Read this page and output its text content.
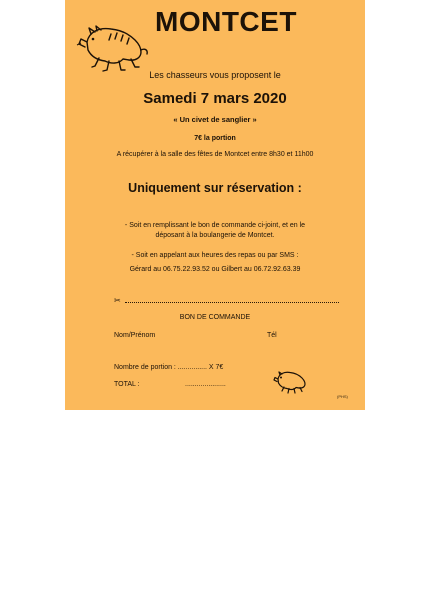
MONTCET
Les chasseurs vous proposent le
Samedi 7 mars 2020
« Un civet de sanglier »
7€ la portion
A récupérer à la salle des fêtes de Montcet entre 8h30 et 11h00
Uniquement sur réservation :
- Soit en remplissant le bon de commande ci-joint, et en le
déposant à la boulangerie de Montcet.
- Soit en appelant aux heures des repas ou par SMS :
Gérard au 06.75.22.93.52 ou Gilbert au 06.72.92.63.39
✂
BON DE COMMANDE
Nom/Prénom	Tél
Nombre de portion : ............... X 7€
TOTAL :	.....................
(PHS)
